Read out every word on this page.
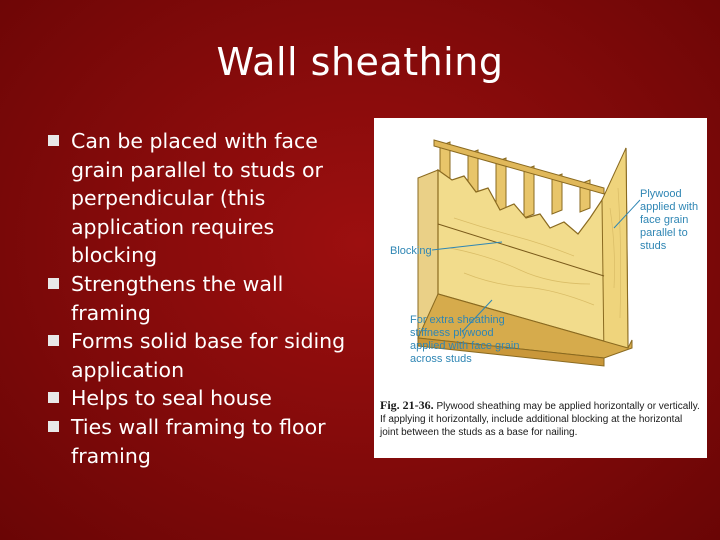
Wall sheathing
Can be placed with face grain parallel to studs or perpendicular (this application requires blocking
Strengthens the wall framing
Forms solid base for siding application
Helps to seal house
Ties wall framing to floor framing
Blocking
Plywood applied with face grain parallel to studs
For extra sheathing stiffness plywood applied with face grain across studs
Fig. 21-36. Plywood sheathing may be applied horizontally or vertically. If applying it horizontally, include additional blocking at the horizontal joint between the studs as a base for nailing.
